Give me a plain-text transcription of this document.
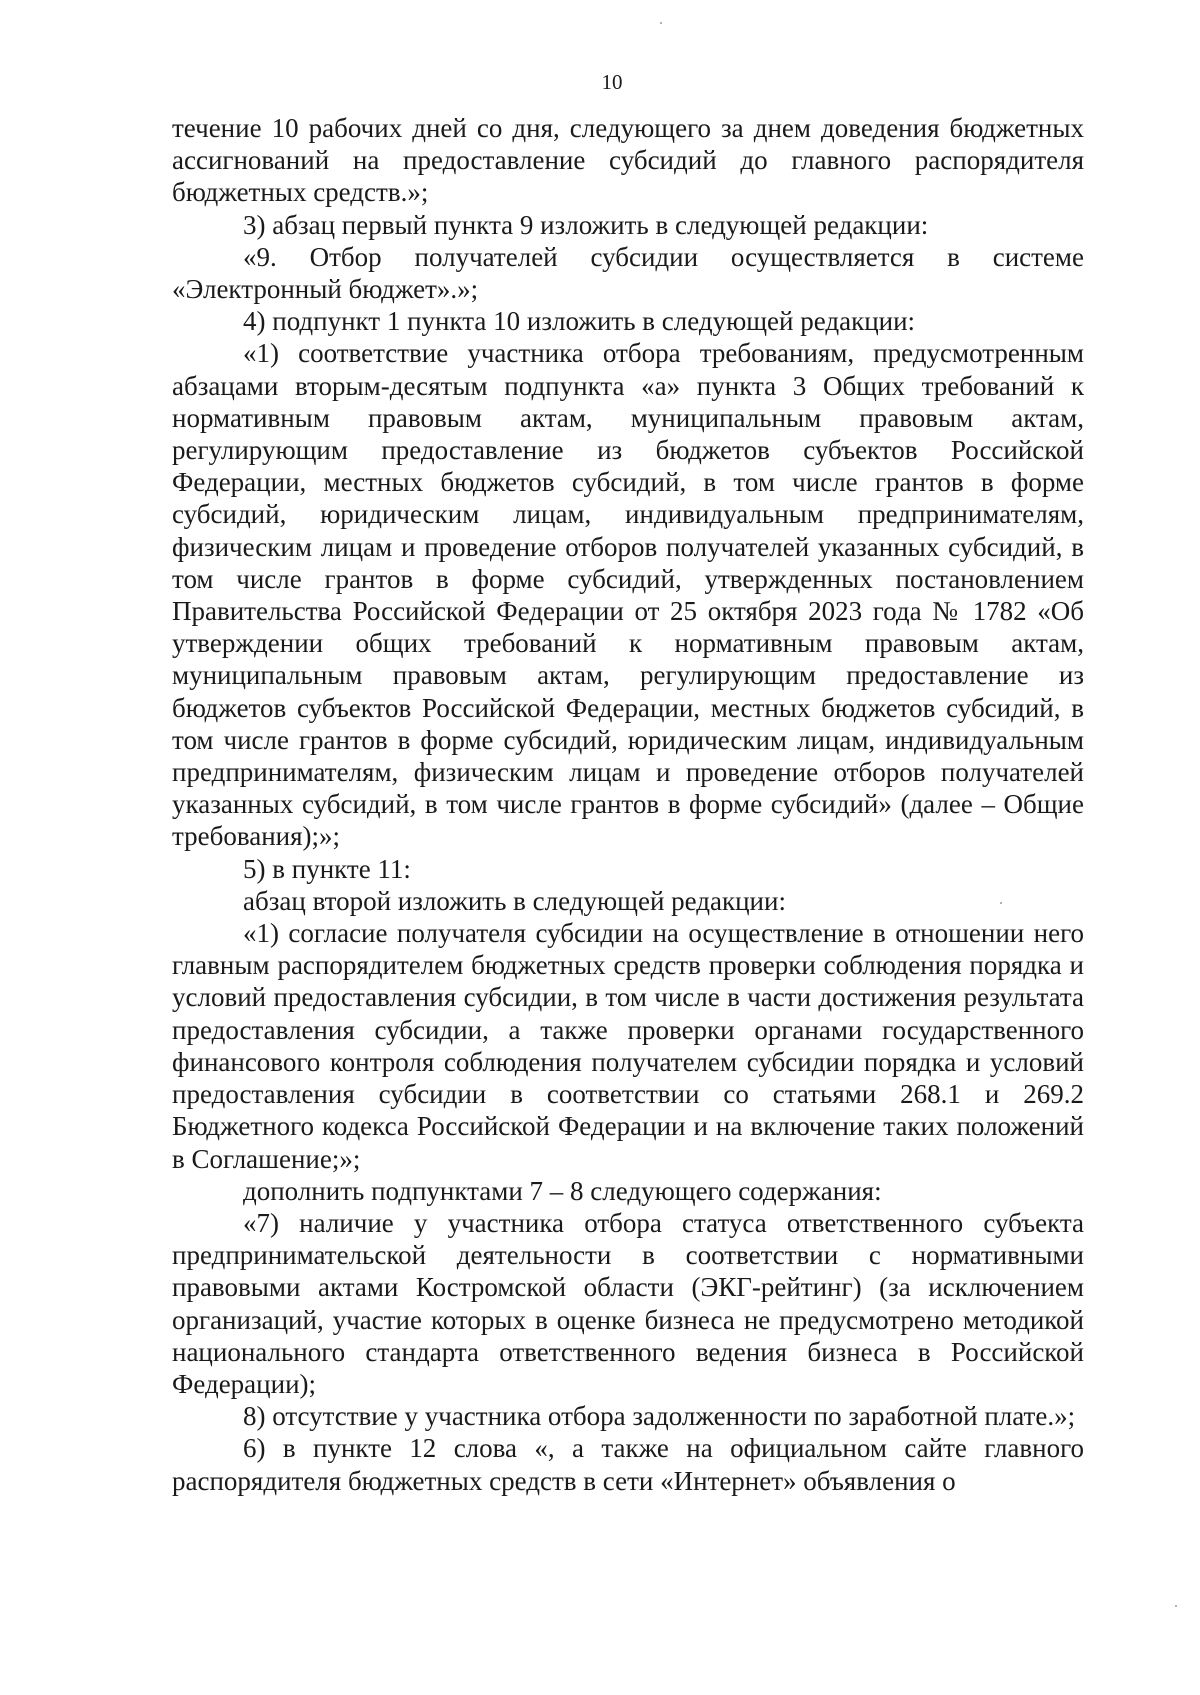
10

течение 10 рабочих дней со дня, следующего за днем доведения бюджетных ассигнований на предоставление субсидий до главного распорядителя бюджетных средств.»;

3) абзац первый пункта 9 изложить в следующей редакции:

«9. Отбор получателей субсидии осуществляется в системе «Электронный бюджет».»;

4) подпункт 1 пункта 10 изложить в следующей редакции:

«1) соответствие участника отбора требованиям, предусмотренным абзацами вторым-десятым подпункта «а» пункта 3 Общих требований к нормативным правовым актам, муниципальным правовым актам, регулирующим предоставление из бюджетов субъектов Российской Федерации, местных бюджетов субсидий, в том числе грантов в форме субсидий, юридическим лицам, индивидуальным предпринимателям, физическим лицам и проведение отборов получателей указанных субсидий, в том числе грантов в форме субсидий, утвержденных постановлением Правительства Российской Федерации от 25 октября 2023 года № 1782 «Об утверждении общих требований к нормативным правовым актам, муниципальным правовым актам, регулирующим предоставление из бюджетов субъектов Российской Федерации, местных бюджетов субсидий, в том числе грантов в форме субсидий, юридическим лицам, индивидуальным предпринимателям, физическим лицам и проведение отборов получателей указанных субсидий, в том числе грантов в форме субсидий» (далее – Общие требования);»;

5) в пункте 11:

абзац второй изложить в следующей редакции:

«1) согласие получателя субсидии на осуществление в отношении него главным распорядителем бюджетных средств проверки соблюдения порядка и условий предоставления субсидии, в том числе в части достижения результата предоставления субсидии, а также проверки органами государственного финансового контроля соблюдения получателем субсидии порядка и условий предоставления субсидии в соответствии со статьями 268.1 и 269.2 Бюджетного кодекса Российской Федерации и на включение таких положений в Соглашение;»;

дополнить подпунктами 7 – 8 следующего содержания:

«7) наличие у участника отбора статуса ответственного субъекта предпринимательской деятельности в соответствии с нормативными правовыми актами Костромской области (ЭКГ-рейтинг) (за исключением организаций, участие которых в оценке бизнеса не предусмотрено методикой национального стандарта ответственного ведения бизнеса в Российской Федерации);

8) отсутствие у участника отбора задолженности по заработной плате.»;

6) в пункте 12 слова «, а также на официальном сайте главного распорядителя бюджетных средств в сети «Интернет» объявления о
